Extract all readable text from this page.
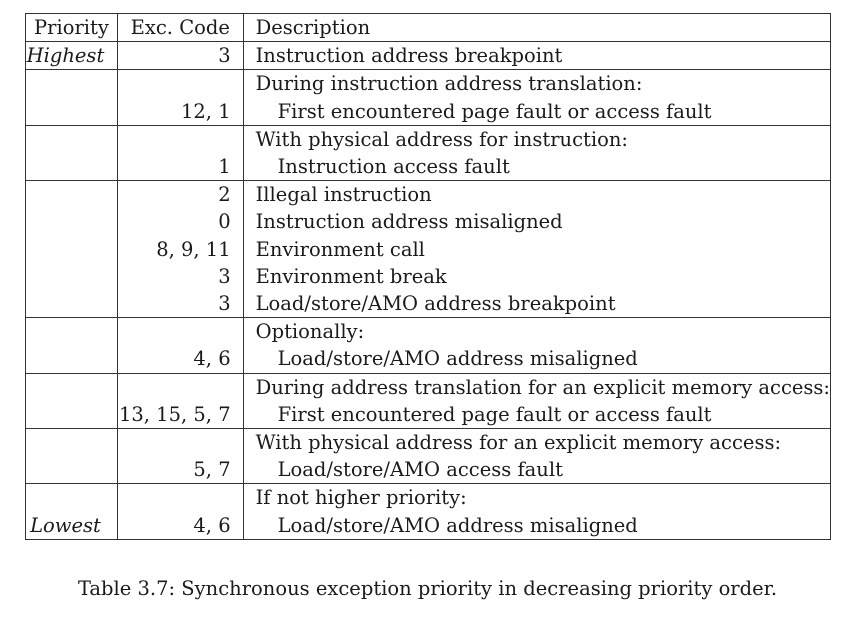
Priority	Exc. Code	Description
Highest	3	Instruction address breakpoint
		During instruction address translation:
	12, 1	First encountered page fault or access fault
		With physical address for instruction:
	1	Instruction access fault
	2	Illegal instruction
	0	Instruction address misaligned
	8, 9, 11	Environment call
	3	Environment break
	3	Load/store/AMO address breakpoint
		Optionally:
	4, 6	Load/store/AMO address misaligned
		During address translation for an explicit memory access:
	13, 15, 5, 7	First encountered page fault or access fault
		With physical address for an explicit memory access:
	5, 7	Load/store/AMO access fault
		If not higher priority:
Lowest	4, 6	Load/store/AMO address misaligned
Table 3.7: Synchronous exception priority in decreasing priority order.
